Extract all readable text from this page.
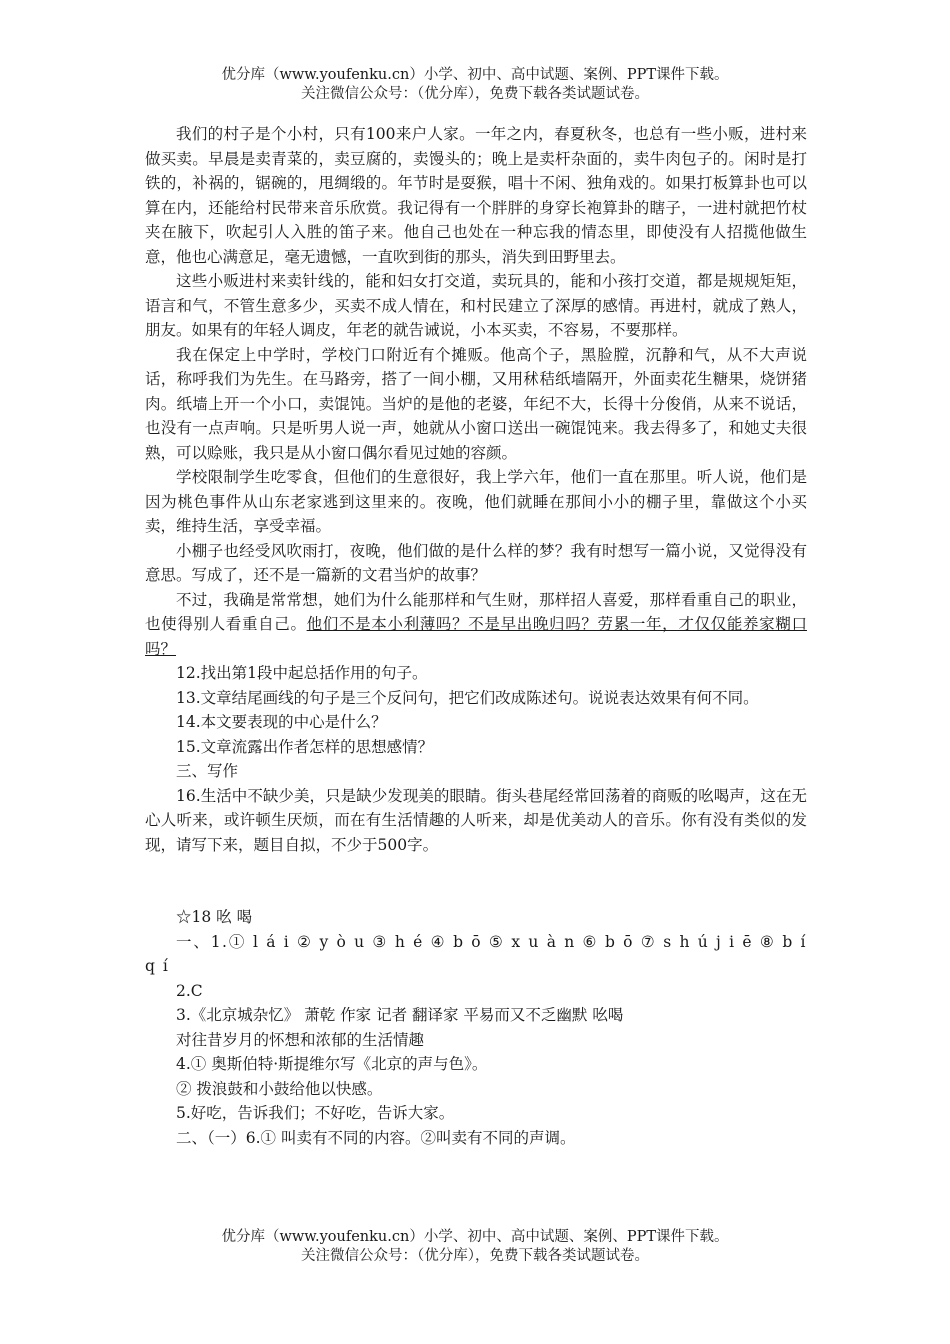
优分库（www.youfenku.cn）小学、初中、高中试题、案例、PPT课件下载。
关注微信公众号：（优分库），免费下载各类试题试卷。

我们的村子是个小村，只有100来户人家。一年之内，春夏秋冬，也总有一些小贩，进村来做买卖。早晨是卖青菜的，卖豆腐的，卖馒头的；晚上是卖杆杂面的，卖牛肉包子的。闲时是打铁的，补祸的，锯碗的，甩绸缎的。年节时是耍猴，唱十不闲、独角戏的。如果打板算卦也可以算在内，还能给村民带来音乐欣赏。我记得有一个胖胖的身穿长袍算卦的瞎子，一进村就把竹杖夹在腋下，吹起引人入胜的笛子来。他自己也处在一种忘我的情态里，即使没有人招揽他做生意，他也心满意足，毫无遗憾，一直吹到街的那头，消失到田野里去。

这些小贩进村来卖针线的，能和妇女打交道，卖玩具的，能和小孩打交道，都是规规矩矩，语言和气，不管生意多少，买卖不成人情在，和村民建立了深厚的感情。再进村，就成了熟人，朋友。如果有的年轻人调皮，年老的就告诫说，小本买卖，不容易，不要那样。

我在保定上中学时，学校门口附近有个摊贩。他高个子，黑脸膛，沉静和气，从不大声说话，称呼我们为先生。在马路旁，搭了一间小棚，又用秫秸纸墙隔开，外面卖花生糖果，烧饼猪肉。纸墙上开一个小口，卖馄饨。当炉的是他的老婆，年纪不大，长得十分俊俏，从来不说话，也没有一点声响。只是听男人说一声，她就从小窗口送出一碗馄饨来。我去得多了，和她丈夫很熟，可以赊账，我只是从小窗口偶尔看见过她的容颜。

学校限制学生吃零食，但他们的生意很好，我上学六年，他们一直在那里。听人说，他们是因为桃色事件从山东老家逃到这里来的。夜晚，他们就睡在那间小小的棚子里，靠做这个小买卖，维持生活，享受幸福。

小棚子也经受风吹雨打，夜晚，他们做的是什么样的梦？我有时想写一篇小说，又觉得没有意思。写成了，还不是一篇新的文君当炉的故事？

不过，我确是常常想，她们为什么能那样和气生财，那样招人喜爱，那样看重自己的职业，也使得别人看重自己。他们不是本小利薄吗？不是早出晚归吗？劳累一年，才仅仅能养家糊口吗？

12.找出第1段中起总括作用的句子。

13.文章结尾画线的句子是三个反问句，把它们改成陈述句。说说表达效果有何不同。

14.本文要表现的中心是什么？

15.文章流露出作者怎样的思想感情？

三、写作

16.生活中不缺少美，只是缺少发现美的眼睛。街头巷尾经常回荡着的商贩的吆喝声，这在无心人听来，或许顿生厌烦，而在有生活情趣的人听来，却是优美动人的音乐。你有没有类似的发现，请写下来，题目自拟，不少于500字。

☆18 吆 喝

一、1.① l á i ② y ò u ③ h é ④ b ō ⑤ x u à n ⑥ b ō ⑦ s h ú j i ē ⑧ b í q í

2.C

3.《北京城杂忆》 萧乾 作家 记者 翻译家 平易而又不乏幽默 吆喝

对往昔岁月的怀想和浓郁的生活情趣

4.① 奥斯伯特·斯提维尔写《北京的声与色》。

② 拨浪鼓和小鼓给他以快感。

5.好吃，告诉我们；不好吃，告诉大家。

二、（一）6.① 叫卖有不同的内容。②叫卖有不同的声调。

优分库（www.youfenku.cn）小学、初中、高中试题、案例、PPT课件下载。
关注微信公众号：（优分库），免费下载各类试题试卷。
